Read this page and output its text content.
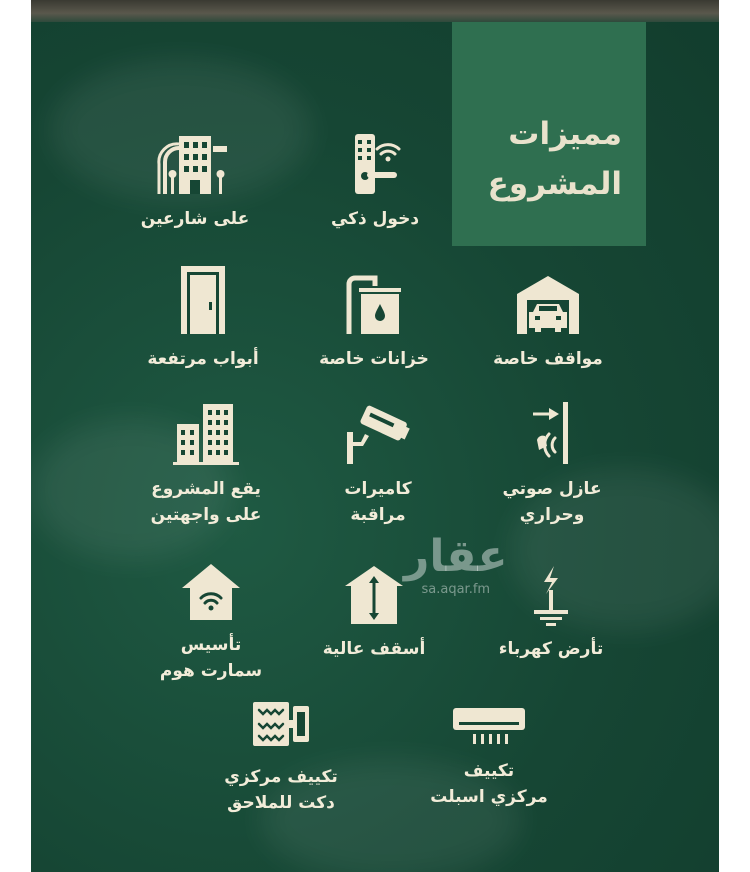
مميزات
المشروع
على شارعين	دخول ذكي
أبواب مرتفعة	خزانات خاصة	مواقف خاصة
يقع المشروع
على واجهتين
كاميرات
مراقبة
عازل صوتي
وحراري
تأسيس
سمارت هوم
أسقف عالية	تأرض كهرباء
تكييف مركزي
دكت للملاحق
تكييف
مركزي اسبلت
عقار
sa.aqar.fm
